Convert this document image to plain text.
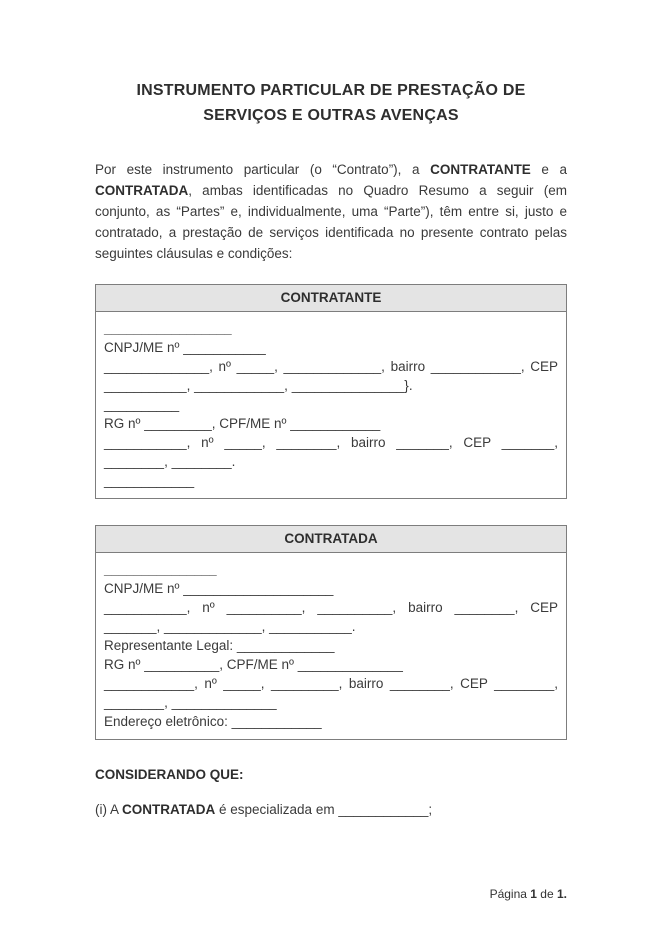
INSTRUMENTO PARTICULAR DE PRESTAÇÃO DE
SERVIÇOS E OUTRAS AVENÇAS

Por este instrumento particular (o “Contrato”), a CONTRATANTE e a CONTRATADA, ambas identificadas no Quadro Resumo a seguir (em conjunto, as “Partes” e, individualmente, uma “Parte”), têm entre si, justo e contratado, a prestação de serviços identificada no presente contrato pelas seguintes cláusulas e condições:

CONTRATANTE

_________________

CNPJ/ME nº ___________

______________, nº _____, _____________, bairro ____________, CEP ___________, ____________, _______________}.

__________

RG nº _________, CPF/ME nº ____________

___________, nº _____, ________, bairro _______, CEP _______, ________, ________.

____________

CONTRATADA

_______________

CNPJ/ME nº ____________________

___________, nº __________, __________, bairro ________, CEP _______, _____________, ___________.

Representante Legal: _____________

RG nº __________, CPF/ME nº ______________

____________, nº _____, _________, bairro ________, CEP ________, ________, ______________

Endereço eletrônico: ____________

CONSIDERANDO QUE:

(i) A CONTRATADA é especializada em ____________;

Página 1 de 1.
